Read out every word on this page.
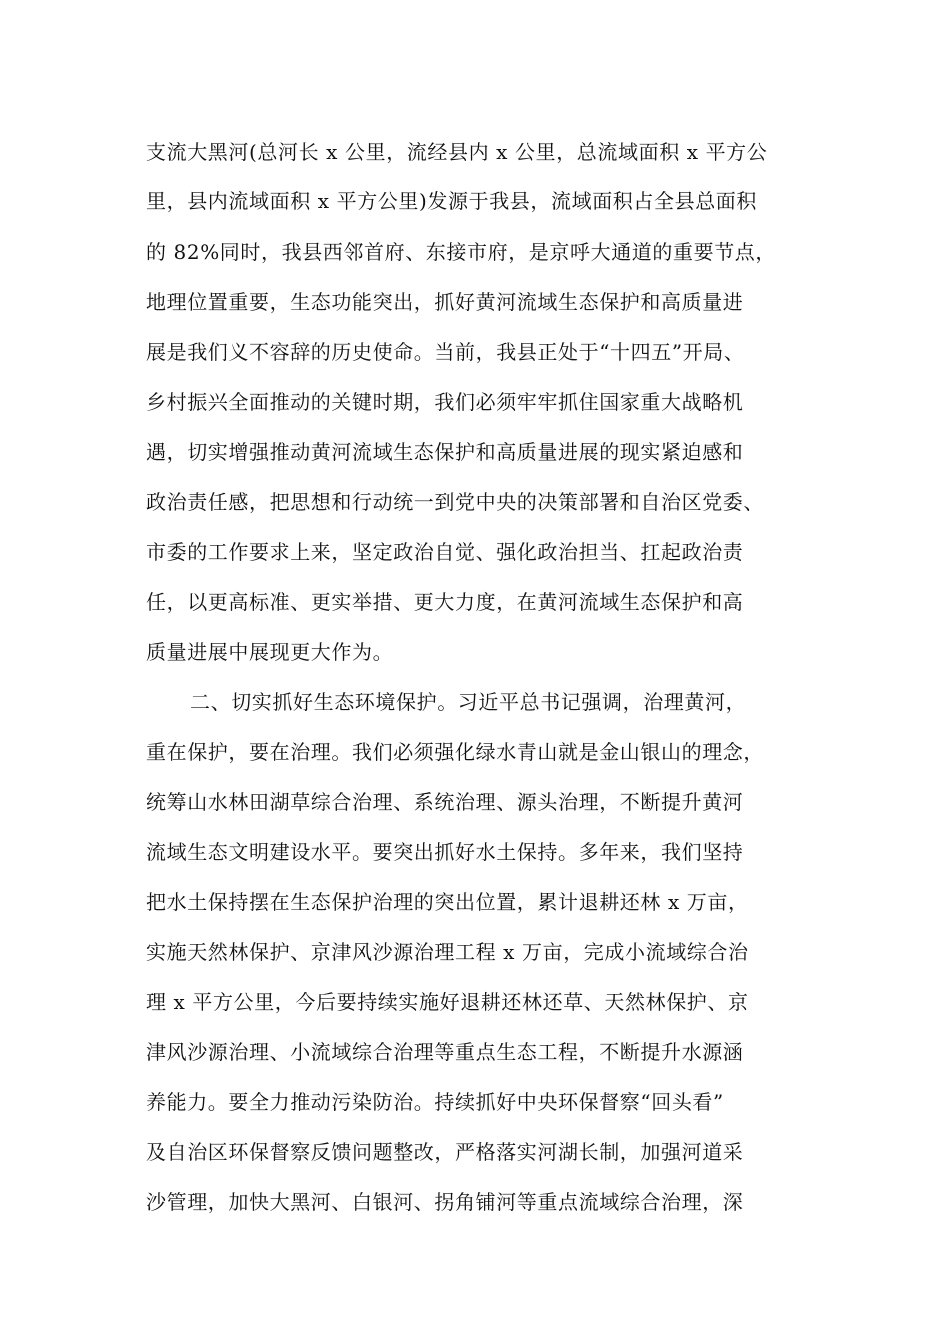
支流大黑河(总河长 x 公里，流经县内 x 公里，总流域面积 x 平方公
里，县内流域面积 x 平方公里)发源于我县，流域面积占全县总面积
的 82%同时，我县西邻首府、东接市府，是京呼大通道的重要节点，
地理位置重要，生态功能突出，抓好黄河流域生态保护和高质量进
展是我们义不容辞的历史使命。当前，我县正处于“十四五”开局、
乡村振兴全面推动的关键时期，我们必须牢牢抓住国家重大战略机
遇，切实增强推动黄河流域生态保护和高质量进展的现实紧迫感和
政治责任感，把思想和行动统一到党中央的决策部署和自治区党委、
市委的工作要求上来，坚定政治自觉、强化政治担当、扛起政治责
任，以更高标准、更实举措、更大力度，在黄河流域生态保护和高
质量进展中展现更大作为。
二、切实抓好生态环境保护。习近平总书记强调，治理黄河，
重在保护，要在治理。我们必须强化绿水青山就是金山银山的理念，
统筹山水林田湖草综合治理、系统治理、源头治理，不断提升黄河
流域生态文明建设水平。要突出抓好水土保持。多年来，我们坚持
把水土保持摆在生态保护治理的突出位置，累计退耕还林 x 万亩，
实施天然林保护、京津风沙源治理工程 x 万亩，完成小流域综合治
理 x 平方公里，今后要持续实施好退耕还林还草、天然林保护、京
津风沙源治理、小流域综合治理等重点生态工程，不断提升水源涵
养能力。要全力推动污染防治。持续抓好中央环保督察“回头看”
及自治区环保督察反馈问题整改，严格落实河湖长制，加强河道采
沙管理，加快大黑河、白银河、拐角铺河等重点流域综合治理，深
